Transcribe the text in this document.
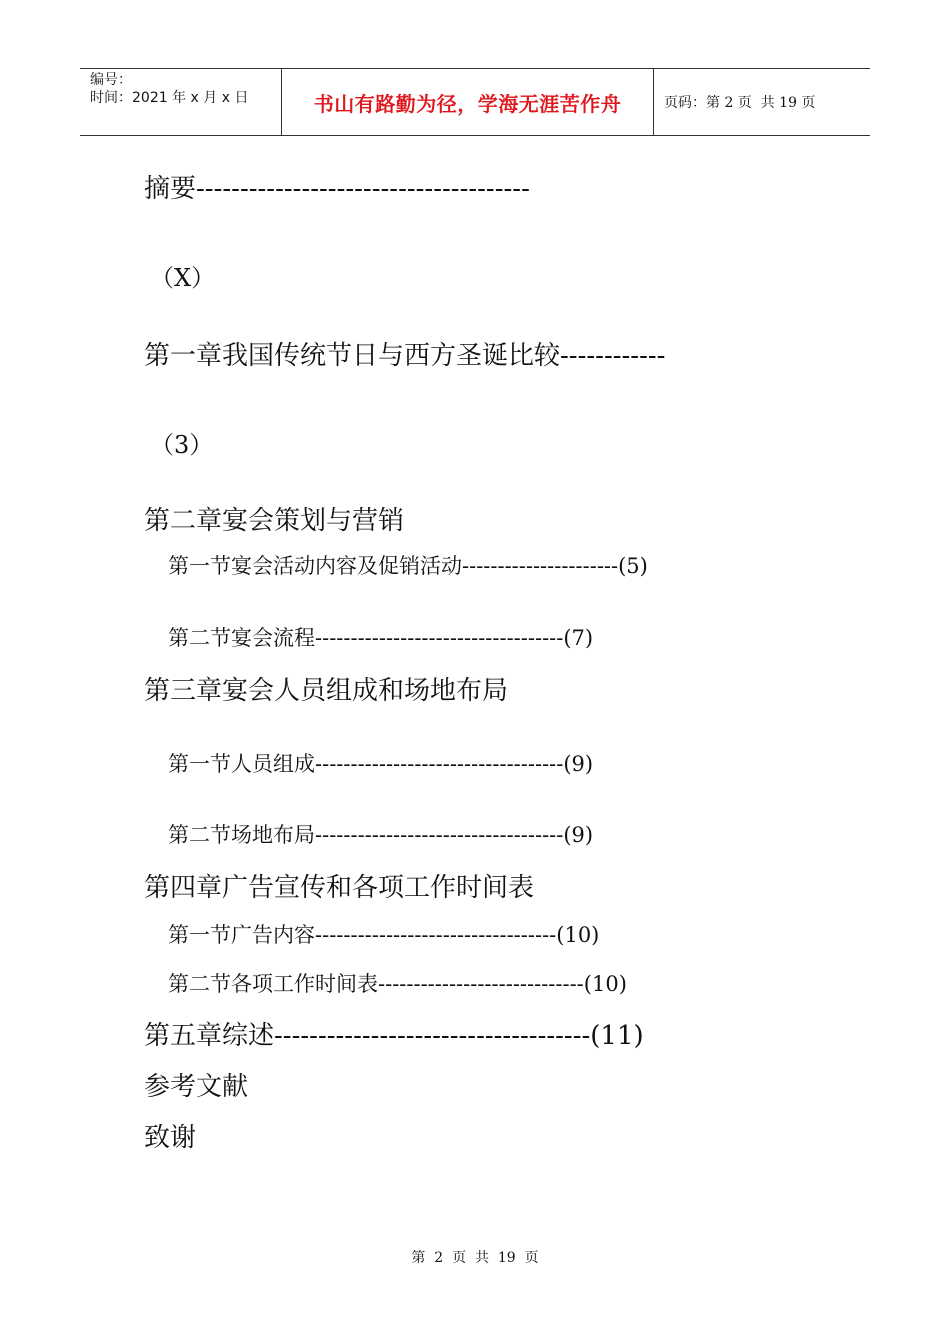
编号：
时间：2021 年 x 月 x 日	书山有路勤为径，学海无涯苦作舟	页码：第 2 页  共 19 页
摘要--------------------------------------
（X）
第一章我国传统节日与西方圣诞比较------------
（3）
第二章宴会策划与营销
第一节宴会活动内容及促销活动----------------------(5)
第二节宴会流程-----------------------------------(7)
第三章宴会人员组成和场地布局
第一节人员组成-----------------------------------(9)
第二节场地布局-----------------------------------(9)
第四章广告宣传和各项工作时间表
第一节广告内容----------------------------------(10)
第二节各项工作时间表-----------------------------(10)
第五章综述------------------------------------(11)
参考文献
致谢
第  2  页  共  19  页
